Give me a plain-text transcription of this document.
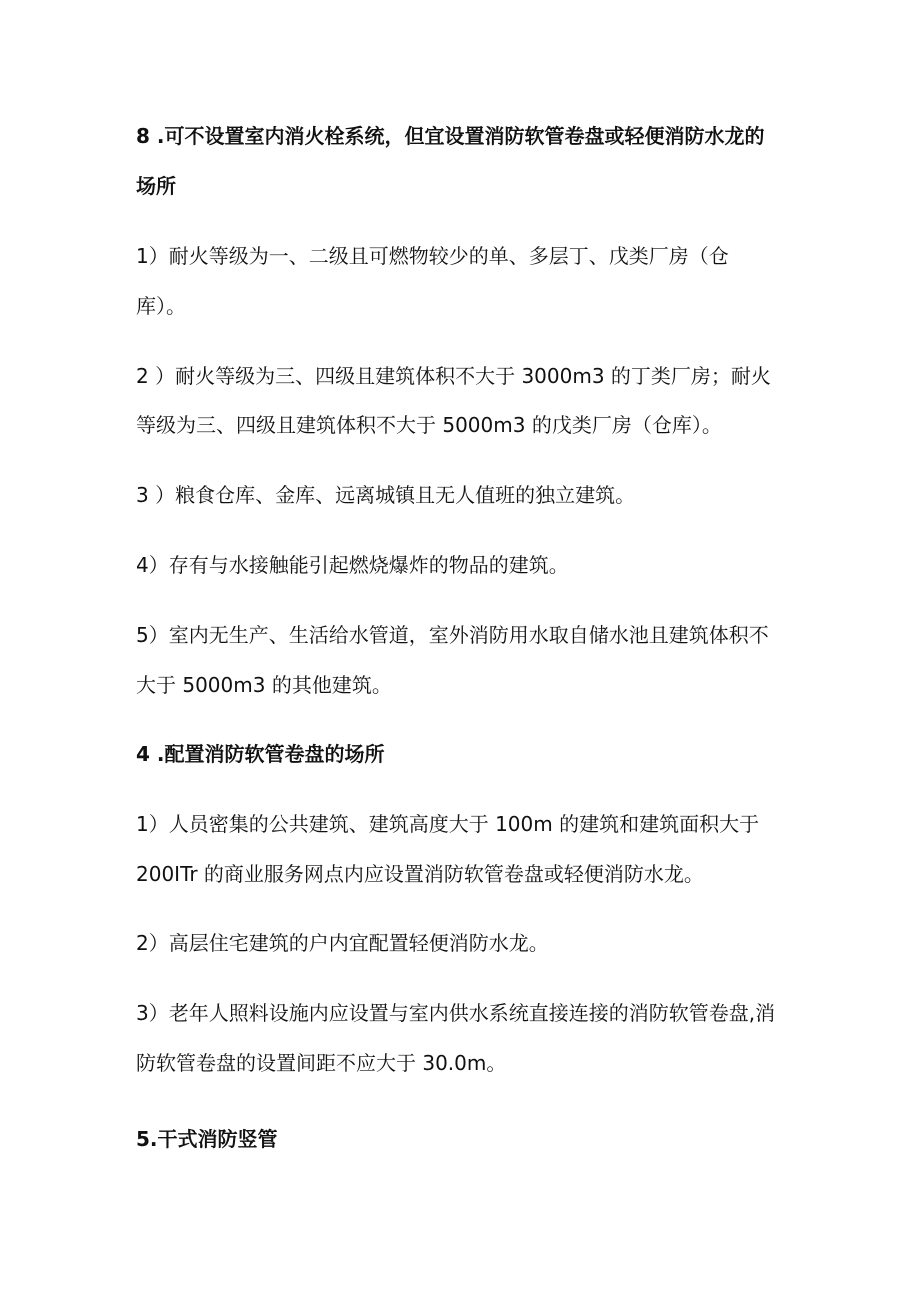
8 .可不设置室内消火栓系统，但宜设置消防软管卷盘或轻便消防水龙的
场所
1）耐火等级为一、二级且可燃物较少的单、多层丁、戊类厂房（仓
库）。
2 ）耐火等级为三、四级且建筑体积不大于 3000m3 的丁类厂房；耐火
等级为三、四级且建筑体积不大于 5000m3 的戊类厂房（仓库）。
3 ）粮食仓库、金库、远离城镇且无人值班的独立建筑。
4）存有与水接触能引起燃烧爆炸的物品的建筑。
5）室内无生产、生活给水管道，室外消防用水取自储水池且建筑体积不
大于 5000m3 的其他建筑。
4 .配置消防软管卷盘的场所
1）人员密集的公共建筑、建筑高度大于 100m 的建筑和建筑面积大于
200ITr 的商业服务网点内应设置消防软管卷盘或轻便消防水龙。
2）高层住宅建筑的户内宜配置轻便消防水龙。
3）老年人照料设施内应设置与室内供水系统直接连接的消防软管卷盘,消
防软管卷盘的设置间距不应大于 30.0m。
5.干式消防竖管
